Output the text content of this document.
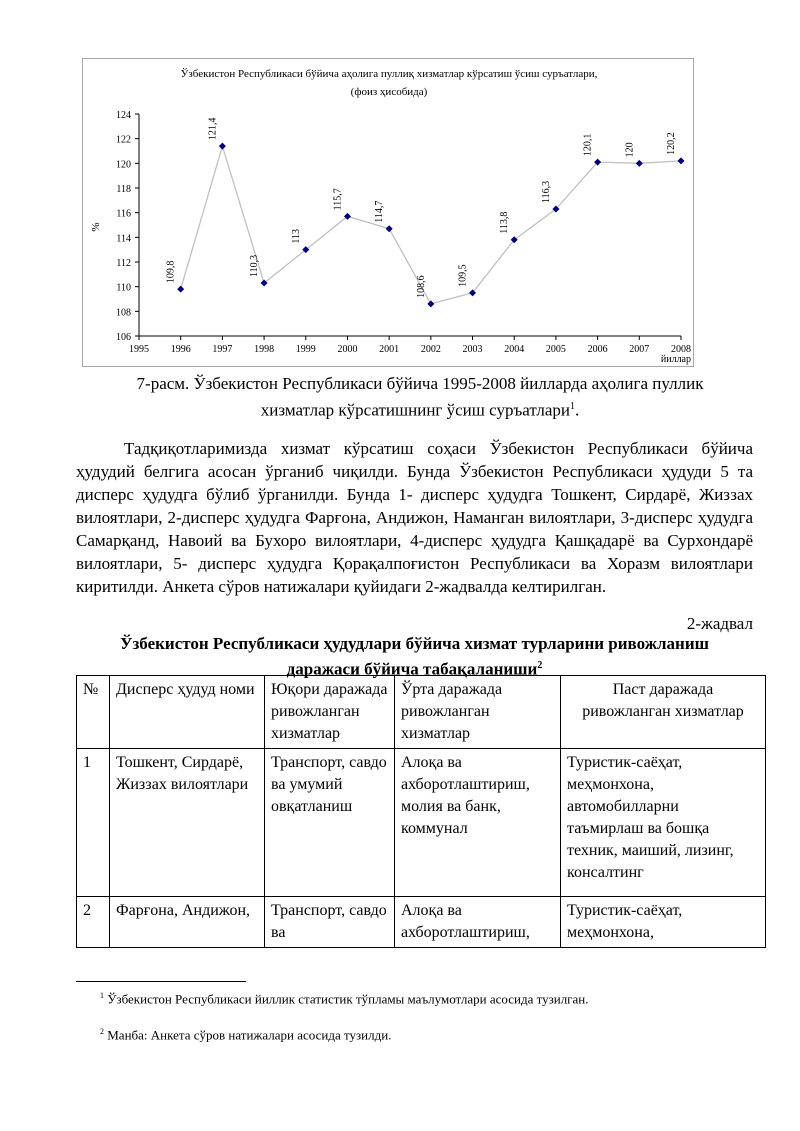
Ўзбекистон Республикаси бўйича аҳолига пуллиқ хизматлар кўрсатиш ўсиш суръатлари,
(фоиз ҳисобида)
%
йиллар
106
108
110
112
114
116
118
120
122
124
1995 1996 1997 1998 1999 2000 2001 2002 2003 2004 2005 2006 2007 2008
109,8
121,4
110,3
113
115,7
114,7
108,6	109,5
113,8
116,3
120,1	120	120,2
7-расм. Ўзбекистон Республикаси бўйича 1995-2008 йилларда аҳолига пуллик
хизматлар кўрсатишнинг ўсиш суръатлари$^1$.

Тадқиқотларимизда хизмат кўрсатиш соҳаси Ўзбекистон Республикаси бўйича ҳудудий белгига асосан ўрганиб чиқилди. Бунда Ўзбекистон Республикаси ҳудуди 5 та дисперс ҳудудга бўлиб ўрганилди. Бунда 1- дисперс ҳудудга Тошкент, Сирдарё, Жиззах вилоятлари, 2-дисперс ҳудудга Фарғона, Андижон, Наманган вилоятлари, 3-дисперс ҳудудга Самарқанд, Навоий ва Бухоро вилоятлари, 4-дисперс ҳудудга Қашқадарё ва Сурхондарё вилоятлари, 5- дисперс ҳудудга Қорақалпоғистон Республикаси ва Хоразм вилоятлари киритилди. Анкета сўров натижалари қуйидаги 2-жадвалда келтирилган.

2-жадвал
Ўзбекистон Республикаси ҳудудлари бўйича хизмат турларини ривожланиш
даражаси бўйича табақаланиши$^2$
№	Дисперс ҳудуд номи	Юқори даражада ривожланган хизматлар	Ўрта даражада ривожланган хизматлар	Паст даражада ривожланган хизматлар
1	Тошкент, Сирдарё, Жиззах вилоятлари	Транспорт, савдо ва умумий овқатланиш	Алоқа ва ахборотлаштириш, молия ва банк, коммунал	Туристик-саёҳат, меҳмонхона, автомобилларни таъмирлаш ва бошқа техник, маиший, лизинг, консалтинг
2	Фарғона, Андижон,	Транспорт, савдо ва	Алоқа ва ахборотлаштириш,	Туристик-саёҳат, меҳмонхона,
$^1$ Ўзбекистон Республикаси йиллик статистик тўпламы маълумотлари асосида тузилган.
$^2$ Манба: Анкета сўров натижалари асосида тузилди.
